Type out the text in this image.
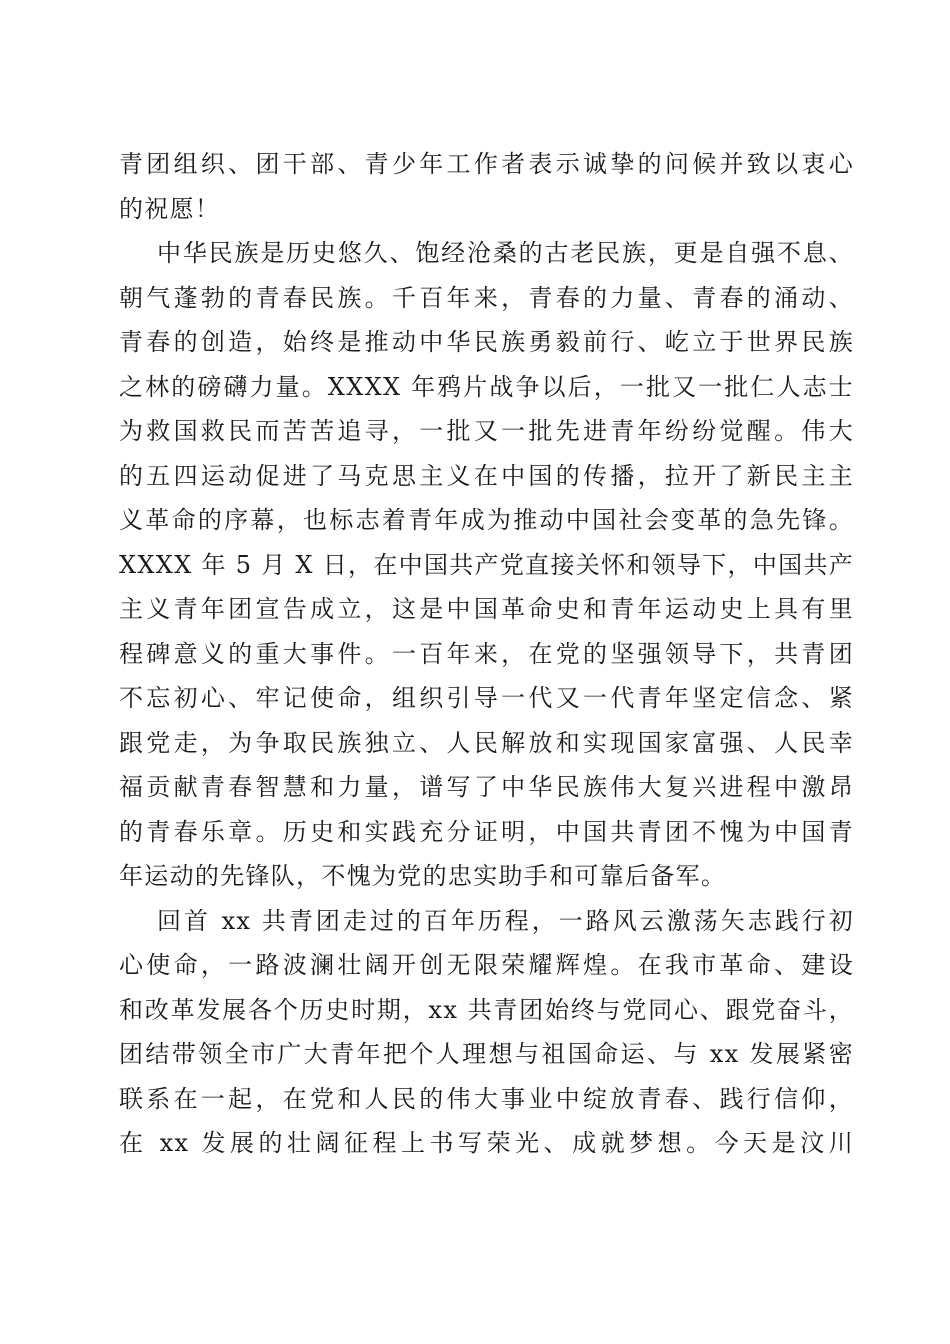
青团组织、团干部、青少年工作者表示诚挚的问候并致以衷心
的祝愿！
中华民族是历史悠久、饱经沧桑的古老民族，更是自强不息、
朝气蓬勃的青春民族。千百年来，青春的力量、青春的涌动、
青春的创造，始终是推动中华民族勇毅前行、屹立于世界民族
之林的磅礴力量。XXXX 年鸦片战争以后，一批又一批仁人志士
为救国救民而苦苦追寻，一批又一批先进青年纷纷觉醒。伟大
的五四运动促进了马克思主义在中国的传播，拉开了新民主主
义革命的序幕，也标志着青年成为推动中国社会变革的急先锋。
XXXX 年 5 月 X 日，在中国共产党直接关怀和领导下，中国共产
主义青年团宣告成立，这是中国革命史和青年运动史上具有里
程碑意义的重大事件。一百年来，在党的坚强领导下，共青团
不忘初心、牢记使命，组织引导一代又一代青年坚定信念、紧
跟党走，为争取民族独立、人民解放和实现国家富强、人民幸
福贡献青春智慧和力量，谱写了中华民族伟大复兴进程中激昂
的青春乐章。历史和实践充分证明，中国共青团不愧为中国青
年运动的先锋队，不愧为党的忠实助手和可靠后备军。
回首 xx 共青团走过的百年历程，一路风云激荡矢志践行初
心使命，一路波澜壮阔开创无限荣耀辉煌。在我市革命、建设
和改革发展各个历史时期，xx 共青团始终与党同心、跟党奋斗，
团结带领全市广大青年把个人理想与祖国命运、与 xx 发展紧密
联系在一起，在党和人民的伟大事业中绽放青春、践行信仰，
在 xx 发展的壮阔征程上书写荣光、成就梦想。今天是汶川
